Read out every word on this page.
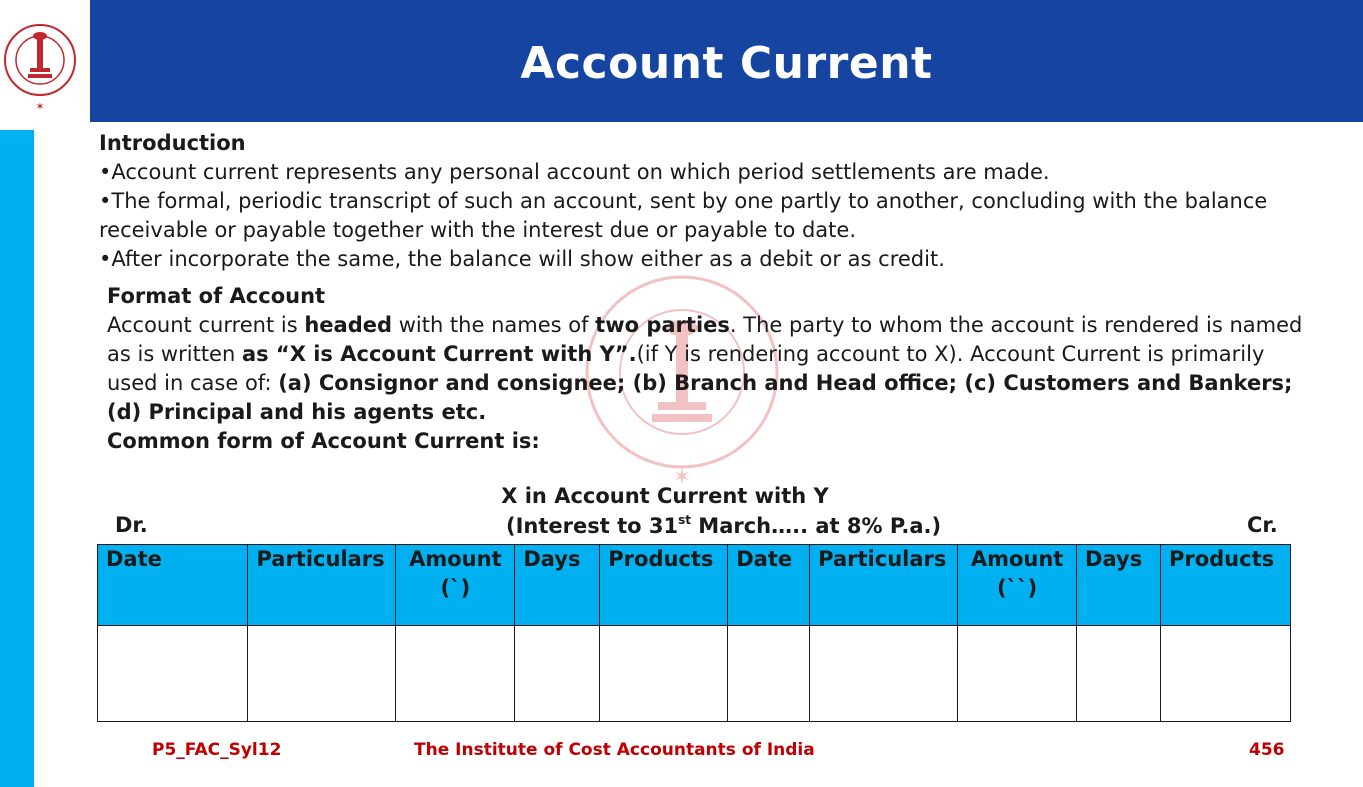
✶
Account Current
✶

Introduction

•Account current represents any personal account on which period settlements are made.

•The formal, periodic transcript of such an account, sent by one partly to another, concluding with the balance receivable or payable together with the interest due or payable to date.

•After incorporate the same, the balance will show either as a debit or as credit.

Format of Account

Account current is headed with the names of two parties. The party to whom the account is rendered is named as is written as “X is Account Current with Y”.(if Y is rendering account to X). Account Current is primarily used in case of: (a) Consignor and consignee; (b) Branch and Head office; (c) Customers and Bankers; (d) Principal and his agents etc.

Common form of Account Current is:

X in Account Current with Y
Dr.	(Interest to 31st March….. at 8% P.a.)	Cr.
Date	Particulars	Amount (`)	Days	Products	Date	Particulars	Amount (``)	Days	Products

P5_FAC_Syl12	The Institute of Cost Accountants of India	456
